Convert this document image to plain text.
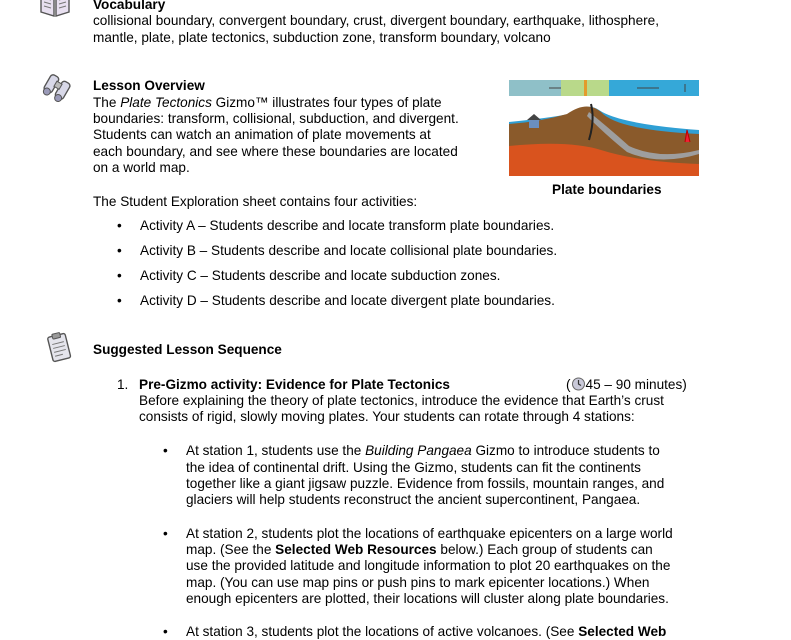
Vocabulary
collisional boundary, convergent boundary, crust, divergent boundary, earthquake, lithosphere,
mantle, plate, plate tectonics, subduction zone, transform boundary, volcano
Lesson Overview
The Plate Tectonics Gizmo™ illustrates four types of plate
boundaries: transform, collisional, subduction, and divergent.
Students can watch an animation of plate movements at
each boundary, and see where these boundaries are located
on a world map.
Plate boundaries
The Student Exploration sheet contains four activities:
• Activity A – Students describe and locate transform plate boundaries.
• Activity B – Students describe and locate collisional plate boundaries.
• Activity C – Students describe and locate subduction zones.
• Activity D – Students describe and locate divergent plate boundaries.
Suggested Lesson Sequence
1. Pre-Gizmo activity: Evidence for Plate Tectonics	( 45 – 90 minutes)
Before explaining the theory of plate tectonics, introduce the evidence that Earth’s crust
consists of rigid, slowly moving plates. Your students can rotate through 4 stations:
• At station 1, students use the Building Pangaea Gizmo to introduce students to
the idea of continental drift. Using the Gizmo, students can fit the continents
together like a giant jigsaw puzzle. Evidence from fossils, mountain ranges, and
glaciers will help students reconstruct the ancient supercontinent, Pangaea.
• At station 2, students plot the locations of earthquake epicenters on a large world
map. (See the Selected Web Resources below.) Each group of students can
use the provided latitude and longitude information to plot 20 earthquakes on the
map. (You can use map pins or push pins to mark epicenter locations.) When
enough epicenters are plotted, their locations will cluster along plate boundaries.
• At station 3, students plot the locations of active volcanoes. (See Selected Web
